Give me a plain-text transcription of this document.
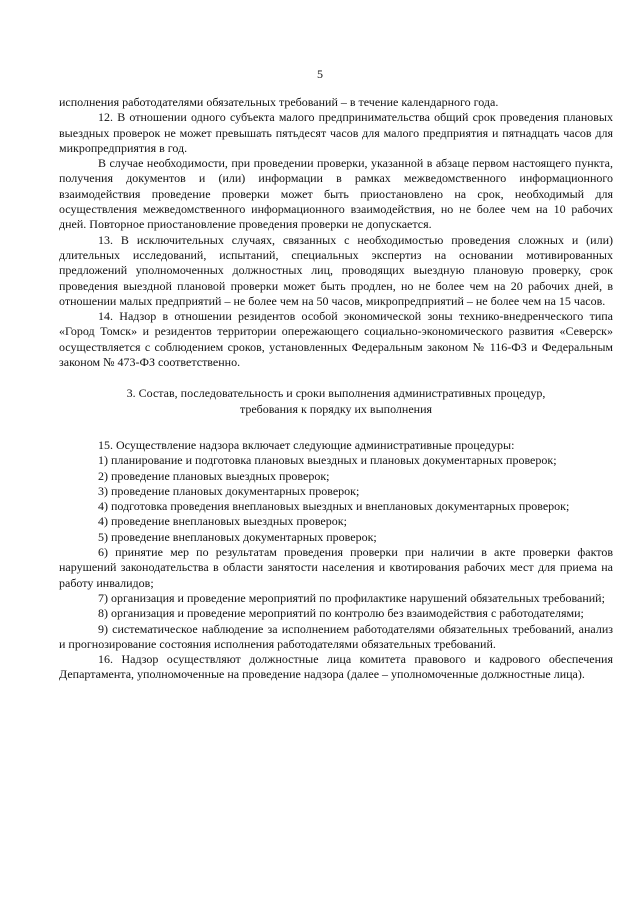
5

исполнения работодателями обязательных требований – в течение календарного года.

12. В отношении одного субъекта малого предпринимательства общий срок проведения плановых выездных проверок не может превышать пятьдесят часов для малого предприятия и пятнадцать часов для микропредприятия в год.

В случае необходимости, при проведении проверки, указанной в абзаце первом настоящего пункта, получения документов и (или) информации в рамках межведомственного информационного взаимодействия проведение проверки может быть приостановлено на срок, необходимый для осуществления межведомственного информационного взаимодействия, но не более чем на 10 рабочих дней. Повторное приостановление проведения проверки не допускается.

13. В исключительных случаях, связанных с необходимостью проведения сложных и (или) длительных исследований, испытаний, специальных экспертиз на основании мотивированных предложений уполномоченных должностных лиц, проводящих выездную плановую проверку, срок проведения выездной плановой проверки может быть продлен, но не более чем на 20 рабочих дней, в отношении малых предприятий – не более чем на 50 часов, микропредприятий – не более чем на 15 часов.

14. Надзор в отношении резидентов особой экономической зоны технико-внедренческого типа «Город Томск» и резидентов территории опережающего социально-экономического развития «Северск» осуществляется с соблюдением сроков, установленных Федеральным законом № 116-ФЗ и Федеральным законом № 473-ФЗ соответственно.

3. Состав, последовательность и сроки выполнения административных процедур,
требования к порядку их выполнения

15. Осуществление надзора включает следующие административные процедуры:

1) планирование и подготовка плановых выездных и плановых документарных проверок;

2) проведение плановых выездных проверок;

3) проведение плановых документарных проверок;

4) подготовка проведения внеплановых выездных и внеплановых документарных проверок;

4) проведение внеплановых выездных проверок;

5) проведение внеплановых документарных проверок;

6) принятие мер по результатам проведения проверки при наличии в акте проверки фактов нарушений законодательства в области занятости населения и квотирования рабочих мест для приема на работу инвалидов;

7) организация и проведение мероприятий по профилактике нарушений обязательных требований;

8) организация и проведение мероприятий по контролю без взаимодействия с работодателями;

9) систематическое наблюдение за исполнением работодателями обязательных требований, анализ и прогнозирование состояния исполнения работодателями обязательных требований.

16. Надзор осуществляют должностные лица комитета правового и кадрового обеспечения Департамента, уполномоченные на проведение надзора (далее – уполномоченные должностные лица).
